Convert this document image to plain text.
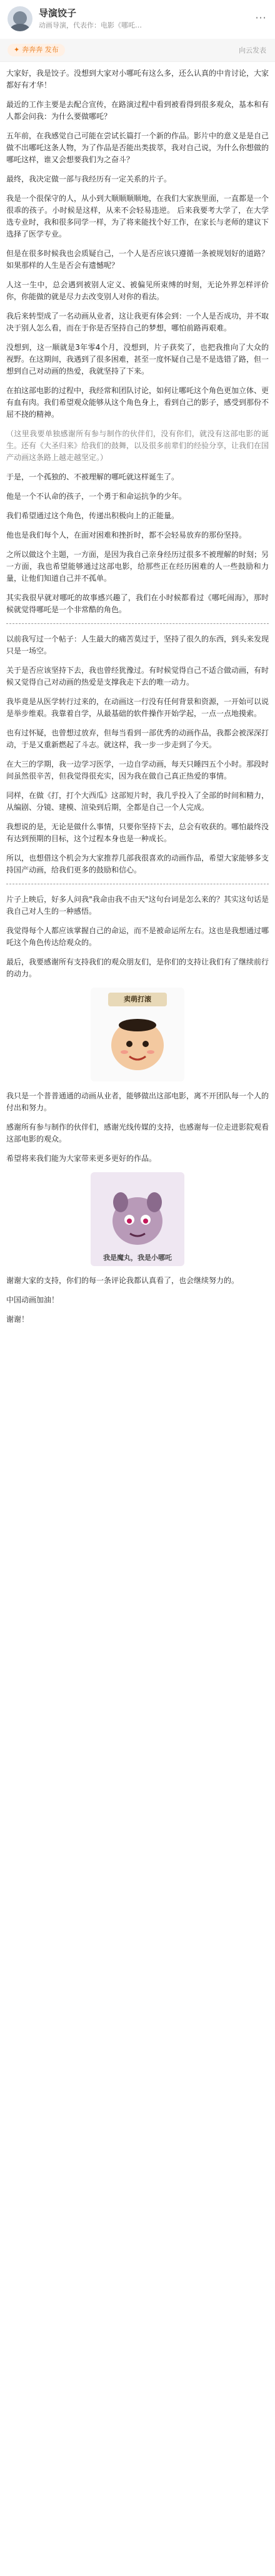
导演饺子
动画导演，代表作：电影《哪吒…
⋯
✦ 奔奔奔 发布	向云发表

大家好，我是饺子。没想到大家对小哪吒有这么多，还么认真的中肯讨论，大家都好有才华！

最近的工作主要是去配合宣传，在路演过程中看到被看得到很多观众，基本和有人都会问我：为什么要做哪吒？

五年前，在我感觉自己可能在尝试长篇打一个新的作品。影片中的意义是是自己做不出哪吒这条人物，为了作品是否能出类拔萃，我对自己说，为什么你想做的哪吒这样，谁又会想要我们为之奋斗？

最终，我决定做一部与我经历有一定关系的片子。

我是一个很保守的人，从小到大顺顺顺顺地，在我们大家族里面，一直都是一个很乖的孩子。小时候是这样，从来不会轻易违逆。 后来我要考大学了，在大学选专业时，我和很多同学一样，为了将来能找个好工作，在家长与老师的建议下选择了医学专业。

但是在很多时候我也会质疑自己，一个人是否应该只遵循一条被规划好的道路？如果那样的人生是否会有遗憾呢？

人这一生中，总会遇到被别人定义、被偏见所束缚的时刻，无论外界怎样评价你，你能做的就是尽力去改变别人对你的看法。

我后来转型成了一名动画从业者，这让我更有体会到：一个人是否成功，并不取决于别人怎么看，而在于你是否坚持自己的梦想，哪怕前路再艰难。

没想到，这一顺就是3年零4个月，没想到，片子获奖了，也把我推向了大众的视野。在这期间，我遇到了很多困难，甚至一度怀疑自己是不是选错了路，但一想到自己对动画的热爱，我就坚持了下来。

在拍这部电影的过程中，我经常和团队讨论，如何让哪吒这个角色更加立体、更有血有肉。我们希望观众能够从这个角色身上，看到自己的影子，感受到那份不屈不挠的精神。

（这里我要单独感谢所有参与制作的伙伴们，没有你们，就没有这部电影的诞生。还有《大圣归来》给我们的鼓舞，以及很多前辈们的经验分享，让我们在国产动画这条路上越走越坚定。）

于是，一个孤独的、不被理解的哪吒就这样诞生了。

他是一个不认命的孩子，一个勇于和命运抗争的少年。

我们希望通过这个角色，传递出积极向上的正能量。

他也是我们每个人，在面对困难和挫折时，都不会轻易放弃的那份坚持。

之所以做这个主题，一方面，是因为我自己亲身经历过很多不被理解的时刻；另一方面，我也希望能够通过这部电影，给那些正在经历困难的人一些鼓励和力量，让他们知道自己并不孤单。

其实我很早就对哪吒的故事感兴趣了，我们在小时候都看过《哪吒闹海》，那时候就觉得哪吒是一个非常酷的角色。

以前我写过一个帖子：人生最大的痛苦莫过于，坚持了很久的东西，到头来发现只是一场空。

关于是否应该坚持下去，我也曾经犹豫过。有时候觉得自己不适合做动画，有时候又觉得自己对动画的热爱是支撑我走下去的唯一动力。

我毕竟是从医学转行过来的，在动画这一行没有任何背景和资源，一开始可以说是举步维艰。我靠着自学，从最基础的软件操作开始学起，一点一点地摸索。

也有过怀疑，也曾想过放弃，但每当看到一部优秀的动画作品，我都会被深深打动，于是又重新燃起了斗志。就这样，我一步一步走到了今天。

在大三的学期，我一边学习医学，一边自学动画，每天只睡四五个小时。那段时间虽然很辛苦，但我觉得很充实，因为我在做自己真正热爱的事情。

同样，在做《打，打个大西瓜》这部短片时，我几乎投入了全部的时间和精力，从编剧、分镜、建模、渲染到后期，全都是自己一个人完成。

我想说的是，无论是做什么事情，只要你坚持下去，总会有收获的。哪怕最终没有达到预期的目标，这个过程本身也是一种成长。

所以，也想借这个机会为大家推荐几部我很喜欢的动画作品，希望大家能够多支持国产动画，给我们更多的鼓励和信心。

片子上映后，好多人问我"我命由我不由天"这句台词是怎么来的？其实这句话是我自己对人生的一种感悟。

我觉得每个人都应该掌握自己的命运，而不是被命运所左右。这也是我想通过哪吒这个角色传达给观众的。

最后，我要感谢所有支持我们的观众朋友们，是你们的支持让我们有了继续前行的动力。

卖萌打滚

我只是一个普普通通的动画从业者，能够做出这部电影，离不开团队每一个人的付出和努力。

感谢所有参与制作的伙伴们，感谢光线传媒的支持，也感谢每一位走进影院观看这部电影的观众。

希望将来我们能为大家带来更多更好的作品。

我是魔丸，我是小哪吒

谢谢大家的支持，你们的每一条评论我都认真看了，也会继续努力的。

中国动画加油！

谢谢！
